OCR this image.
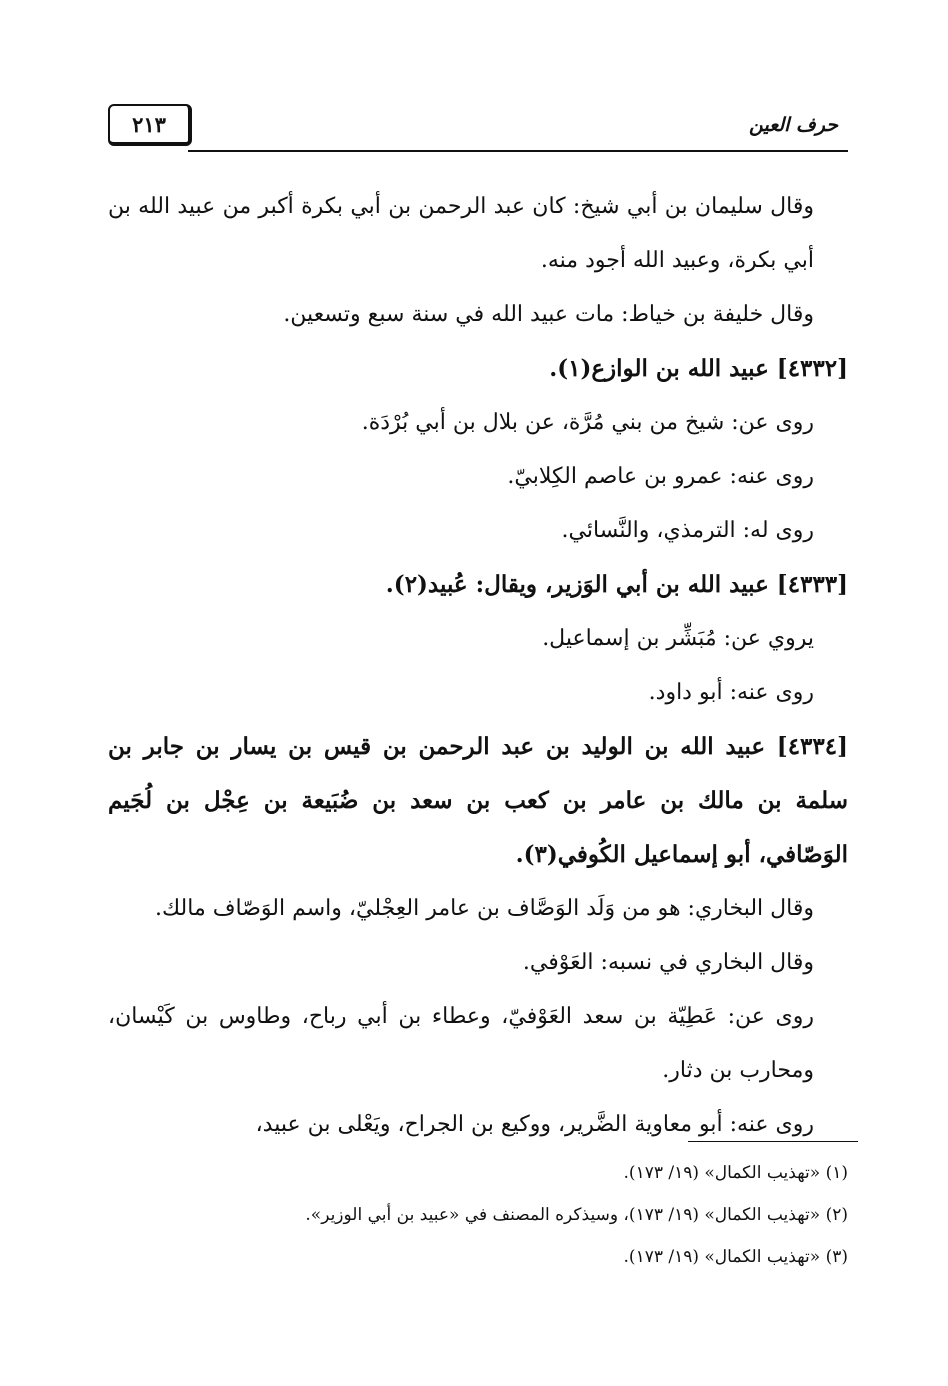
حرف العين
٢١٣

وقال سليمان بن أبي شيخ: كان عبد الرحمن بن أبي بكرة أكبر من عبيد الله بن أبي بكرة، وعبيد الله أجود منه.

وقال خليفة بن خياط: مات عبيد الله في سنة سبع وتسعين.

[٤٣٣٢] عبيد الله بن الوازع(١).

روى عن: شيخ من بني مُرَّة، عن بلال بن أبي بُرْدَة.

روى عنه: عمرو بن عاصم الكِلابيّ.

روى له: الترمذي، والنَّسائي.

[٤٣٣٣] عبيد الله بن أبي الوَزير، ويقال: عُبيد(٢).

يروي عن: مُبَشِّر بن إسماعيل.

روى عنه: أبو داود.

[٤٣٣٤] عبيد الله بن الوليد بن عبد الرحمن بن قيس بن يسار بن جابر بن سلمة بن مالك بن عامر بن كعب بن سعد بن ضُبَيعة بن عِجْل بن لُجَيم الوَصّافي، أبو إسماعيل الكُوفي(٣).

وقال البخاري: هو من وَلَد الوَصَّاف بن عامر العِجْليّ، واسم الوَصّاف مالك.

وقال البخاري في نسبه: العَوْفي.

روى عن: عَطِيّة بن سعد العَوْفيّ، وعطاء بن أبي رباح، وطاوس بن كَيْسان، ومحارب بن دثار.

روى عنه: أبو معاوية الضَّرير، ووكيع بن الجراح، ويَعْلى بن عبيد،

(١) «تهذيب الكمال» (١٩/ ١٧٣).

(٢) «تهذيب الكمال» (١٩/ ١٧٣)، وسيذكره المصنف في «عبيد بن أبي الوزير».

(٣) «تهذيب الكمال» (١٩/ ١٧٣).
